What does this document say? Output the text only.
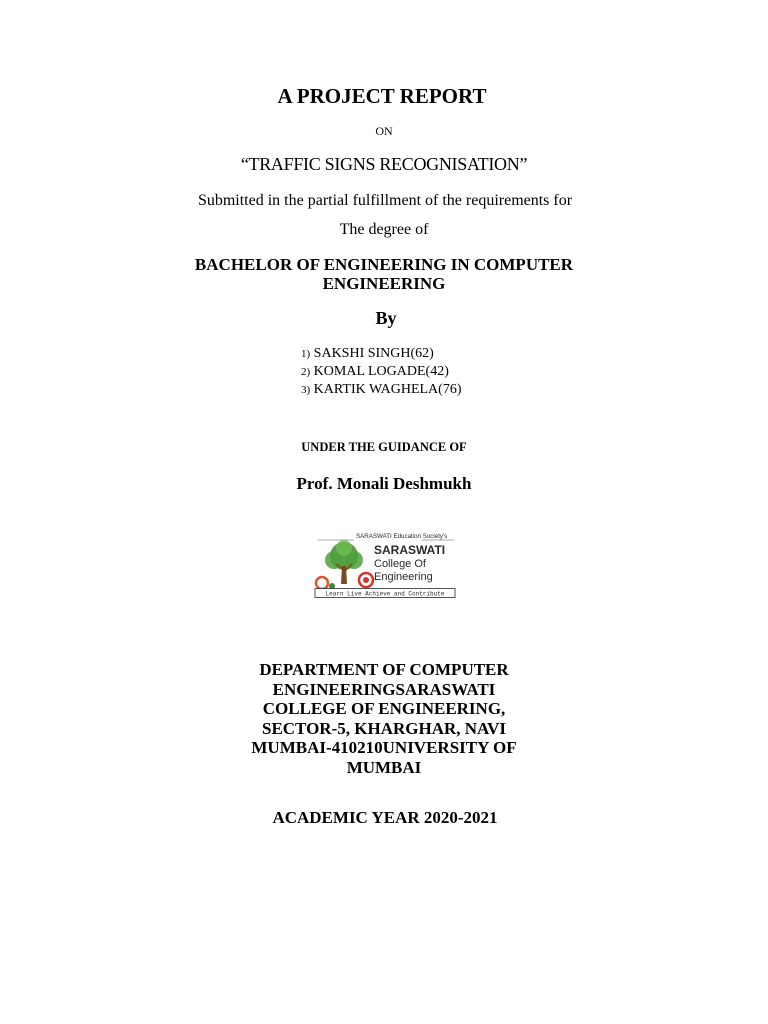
A PROJECT REPORT
ON
“TRAFFIC SIGNS RECOGNISATION”
Submitted in the partial fulfillment of the requirements for
The degree of
BACHELOR OF ENGINEERING IN COMPUTER ENGINEERING
By
1) SAKSHI SINGH(62)
2) KOMAL LOGADE(42)
3) KARTIK WAGHELA(76)
UNDER THE GUIDANCE OF
Prof. Monali Deshmukh
SARASWATI Education Society's
SARASWATI
College Of
Engineering
Learn Live Achieve and Contribute
DEPARTMENT OF COMPUTER ENGINEERINGSARASWATI COLLEGE OF ENGINEERING, SECTOR-5, KHARGHAR, NAVI MUMBAI-410210UNIVERSITY OF MUMBAI
ACADEMIC YEAR 2020-2021
